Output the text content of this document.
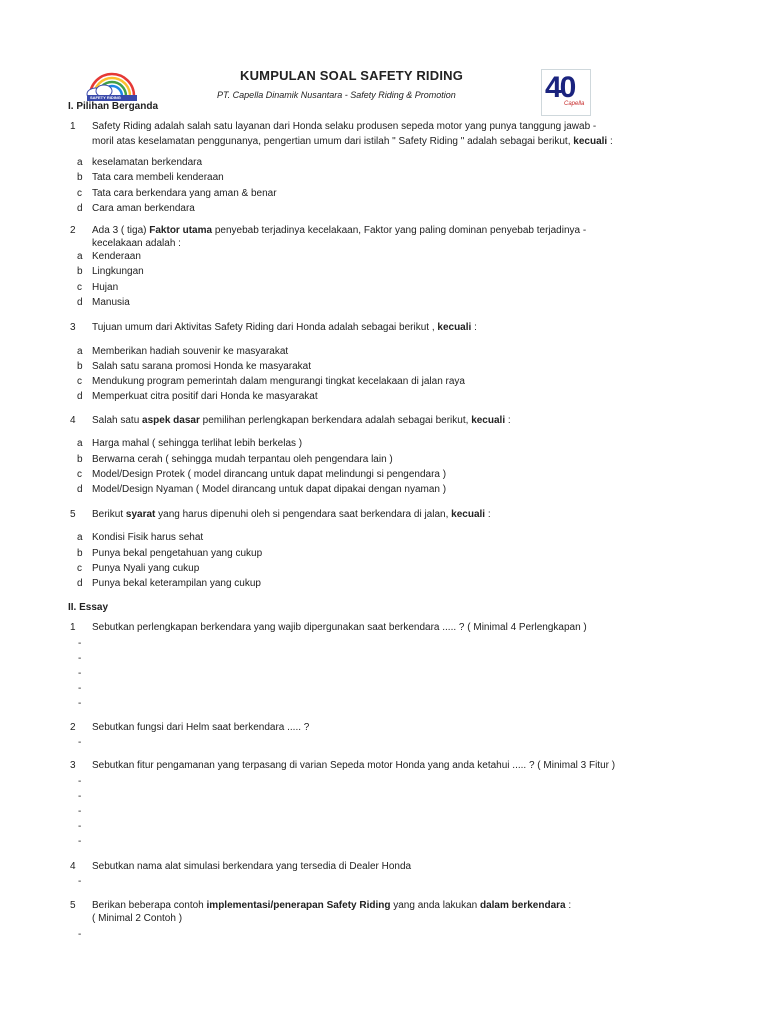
SAFETY RIDING	40
Capella
KUMPULAN SOAL SAFETY RIDING
PT. Capella Dinamik Nusantara - Safety Riding & Promotion
I. Pilihan Berganda
1 Safety Riding adalah salah satu layanan dari Honda selaku produsen sepeda motor yang punya tanggung jawab -
moril atas keselamatan penggunanya, pengertian umum dari istilah " Safety Riding " adalah sebagai berikut, kecuali :
a keselamatan berkendara
b Tata cara membeli kenderaan
c Tata cara berkendara yang aman & benar
d Cara aman berkendara
2 Ada 3 ( tiga) Faktor utama penyebab terjadinya kecelakaan, Faktor yang paling dominan penyebab terjadinya -
kecelakaan adalah :
a Kenderaan
b Lingkungan
c Hujan
d Manusia
3 Tujuan umum dari Aktivitas Safety Riding dari Honda adalah sebagai berikut , kecuali :
a Memberikan hadiah souvenir ke masyarakat
b Salah satu sarana promosi Honda ke masyarakat
c Mendukung program pemerintah dalam mengurangi tingkat kecelakaan di jalan raya
d Memperkuat citra positif dari Honda ke masyarakat
4 Salah satu aspek dasar pemilihan perlengkapan berkendara adalah sebagai berikut, kecuali :
a Harga mahal ( sehingga terlihat lebih berkelas )
b Berwarna cerah ( sehingga mudah terpantau oleh pengendara lain )
c Model/Design Protek ( model dirancang untuk dapat melindungi si pengendara )
d Model/Design Nyaman ( Model dirancang untuk dapat dipakai dengan nyaman )
5 Berikut syarat yang harus dipenuhi oleh si pengendara saat berkendara di jalan, kecuali :
a Kondisi Fisik harus sehat
b Punya bekal pengetahuan yang cukup
c Punya Nyali yang cukup
d Punya bekal keterampilan yang cukup
II. Essay
1 Sebutkan perlengkapan berkendara yang wajib dipergunakan saat berkendara ..... ? ( Minimal 4 Perlengkapan )
-
-
-
-
-
2 Sebutkan fungsi dari Helm saat berkendara ..... ?
-
3 Sebutkan fitur pengamanan yang terpasang di varian Sepeda motor Honda yang anda ketahui ..... ? ( Minimal 3 Fitur )
-
-
-
-
-
4 Sebutkan nama alat simulasi berkendara yang tersedia di Dealer Honda
-
5 Berikan beberapa contoh implementasi/penerapan Safety Riding yang anda lakukan dalam berkendara :
( Minimal 2 Contoh )
-
